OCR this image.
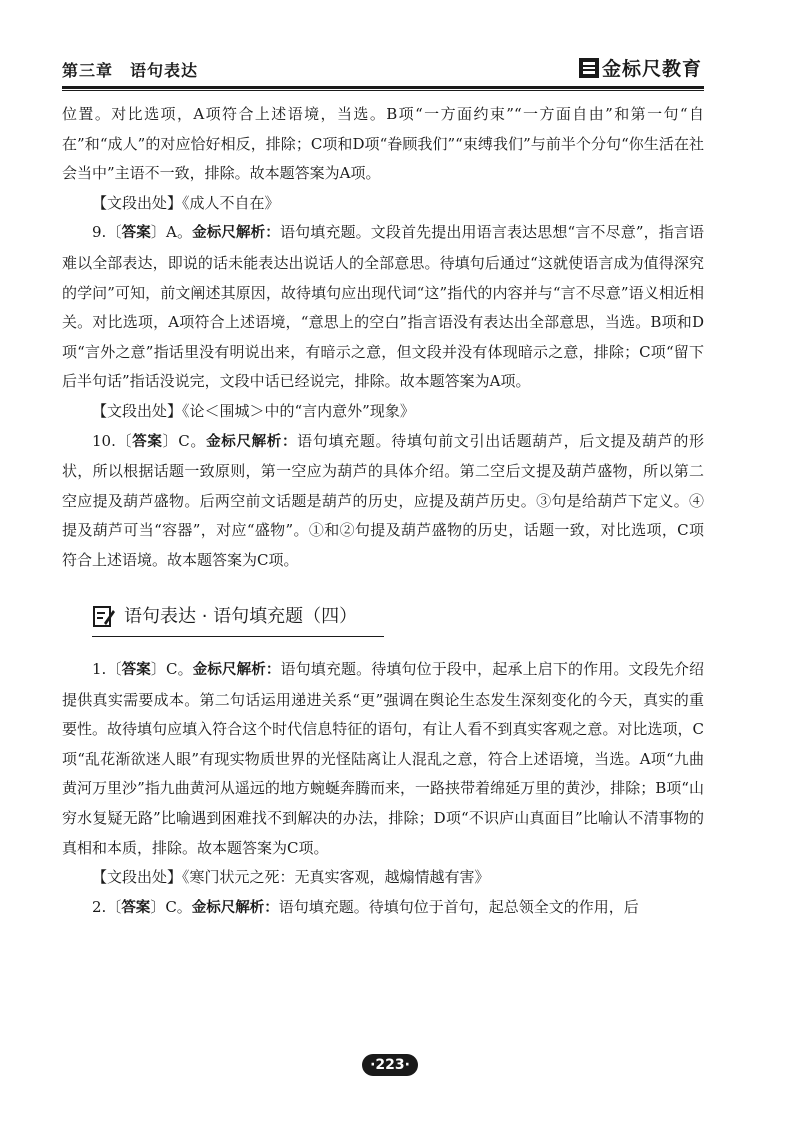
第三章　语句表达	金标尺教育

位置。对比选项，A项符合上述语境，当选。B项“一方面约束”“一方面自由”和第一句“自在”和“成人”的对应恰好相反，排除；C项和D项“眷顾我们”“束缚我们”与前半个分句“你生活在社会当中”主语不一致，排除。故本题答案为A项。

【文段出处】《成人不自在》

9.〔答案〕A。金标尺解析：语句填充题。文段首先提出用语言表达思想“言不尽意”，指言语难以全部表达，即说的话未能表达出说话人的全部意思。待填句后通过“这就使语言成为值得深究的学问”可知，前文阐述其原因，故待填句应出现代词“这”指代的内容并与“言不尽意”语义相近相关。对比选项，A项符合上述语境，“意思上的空白”指言语没有表达出全部意思，当选。B项和D项“言外之意”指话里没有明说出来，有暗示之意，但文段并没有体现暗示之意，排除；C项“留下后半句话”指话没说完，文段中话已经说完，排除。故本题答案为A项。

【文段出处】《论＜围城＞中的“言内意外”现象》

10.〔答案〕C。金标尺解析：语句填充题。待填句前文引出话题葫芦，后文提及葫芦的形状，所以根据话题一致原则，第一空应为葫芦的具体介绍。第二空后文提及葫芦盛物，所以第二空应提及葫芦盛物。后两空前文话题是葫芦的历史，应提及葫芦历史。③句是给葫芦下定义。④提及葫芦可当“容器”，对应“盛物”。①和②句提及葫芦盛物的历史，话题一致，对比选项，C项符合上述语境。故本题答案为C项。

语句表达 · 语句填充题（四）

1.〔答案〕C。金标尺解析：语句填充题。待填句位于段中，起承上启下的作用。文段先介绍提供真实需要成本。第二句话运用递进关系“更”强调在舆论生态发生深刻变化的今天，真实的重要性。故待填句应填入符合这个时代信息特征的语句，有让人看不到真实客观之意。对比选项，C项“乱花渐欲迷人眼”有现实物质世界的光怪陆离让人混乱之意，符合上述语境，当选。A项“九曲黄河万里沙”指九曲黄河从遥远的地方蜿蜒奔腾而来，一路挟带着绵延万里的黄沙，排除；B项“山穷水复疑无路”比喻遇到困难找不到解决的办法，排除；D项“不识庐山真面目”比喻认不清事物的真相和本质，排除。故本题答案为C项。

【文段出处】《寒门状元之死：无真实客观，越煽情越有害》

2.〔答案〕C。金标尺解析：语句填充题。待填句位于首句，起总领全文的作用，后

·223·
